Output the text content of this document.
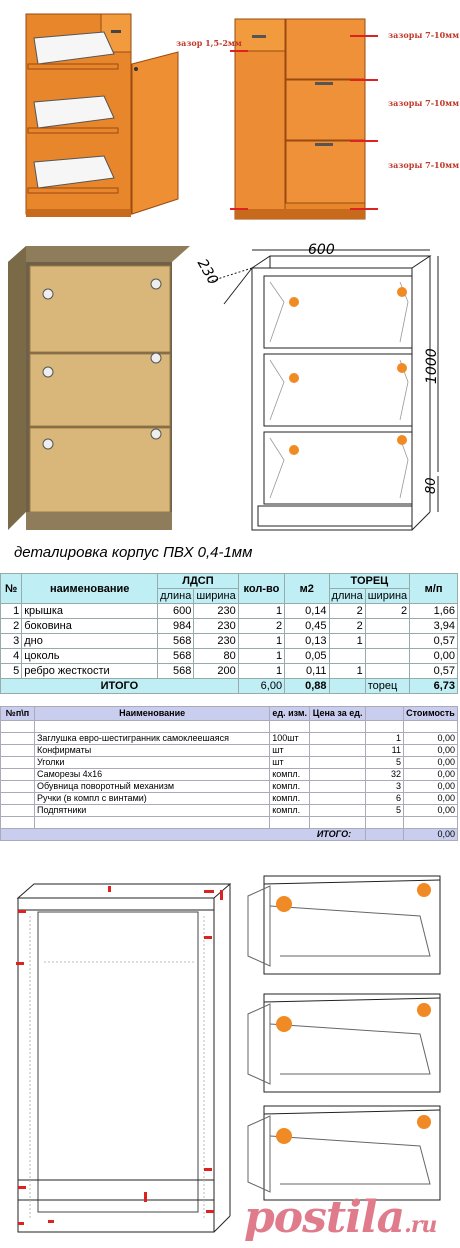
зазор 1,5-2мм
зазоры 7-10мм
зазоры 7-10мм
зазоры 7-10мм
600
230
1000
80
деталировка корпус ПВХ 0,4-1мм
№	наименование	ЛДСП		кол-во	м2	ТОРЕЦ		м/п
		длина	ширина			длина	ширина	
1	крышка	600	230	1	0,14	2	2	1,66
2	боковина	984	230	2	0,45	2		3,94
3	дно	568	230	1	0,13	1		0,57
4	цоколь	568	80	1	0,05			0,00
5	ребро жесткости	568	200	1	0,11	1		0,57
ИТОГО				6,00	0,88		торец	6,73
№п\п	Наименование	ед. изм.	Цена за ед.		Стоимость

	Заглушка евро-шестигранник самоклеешаяся	100шт		1	0,00
	Конфирматы	шт		11	0,00
	Уголки	шт		5	0,00
	Саморезы 4х16	компл.		32	0,00
	Обувница поворотный механизм	компл.		3	0,00
	Ручки (в компл с винтами)	компл.		6	0,00
	Подпятники	компл.		5	0,00

ИТОГО:					0,00
postila.ru
